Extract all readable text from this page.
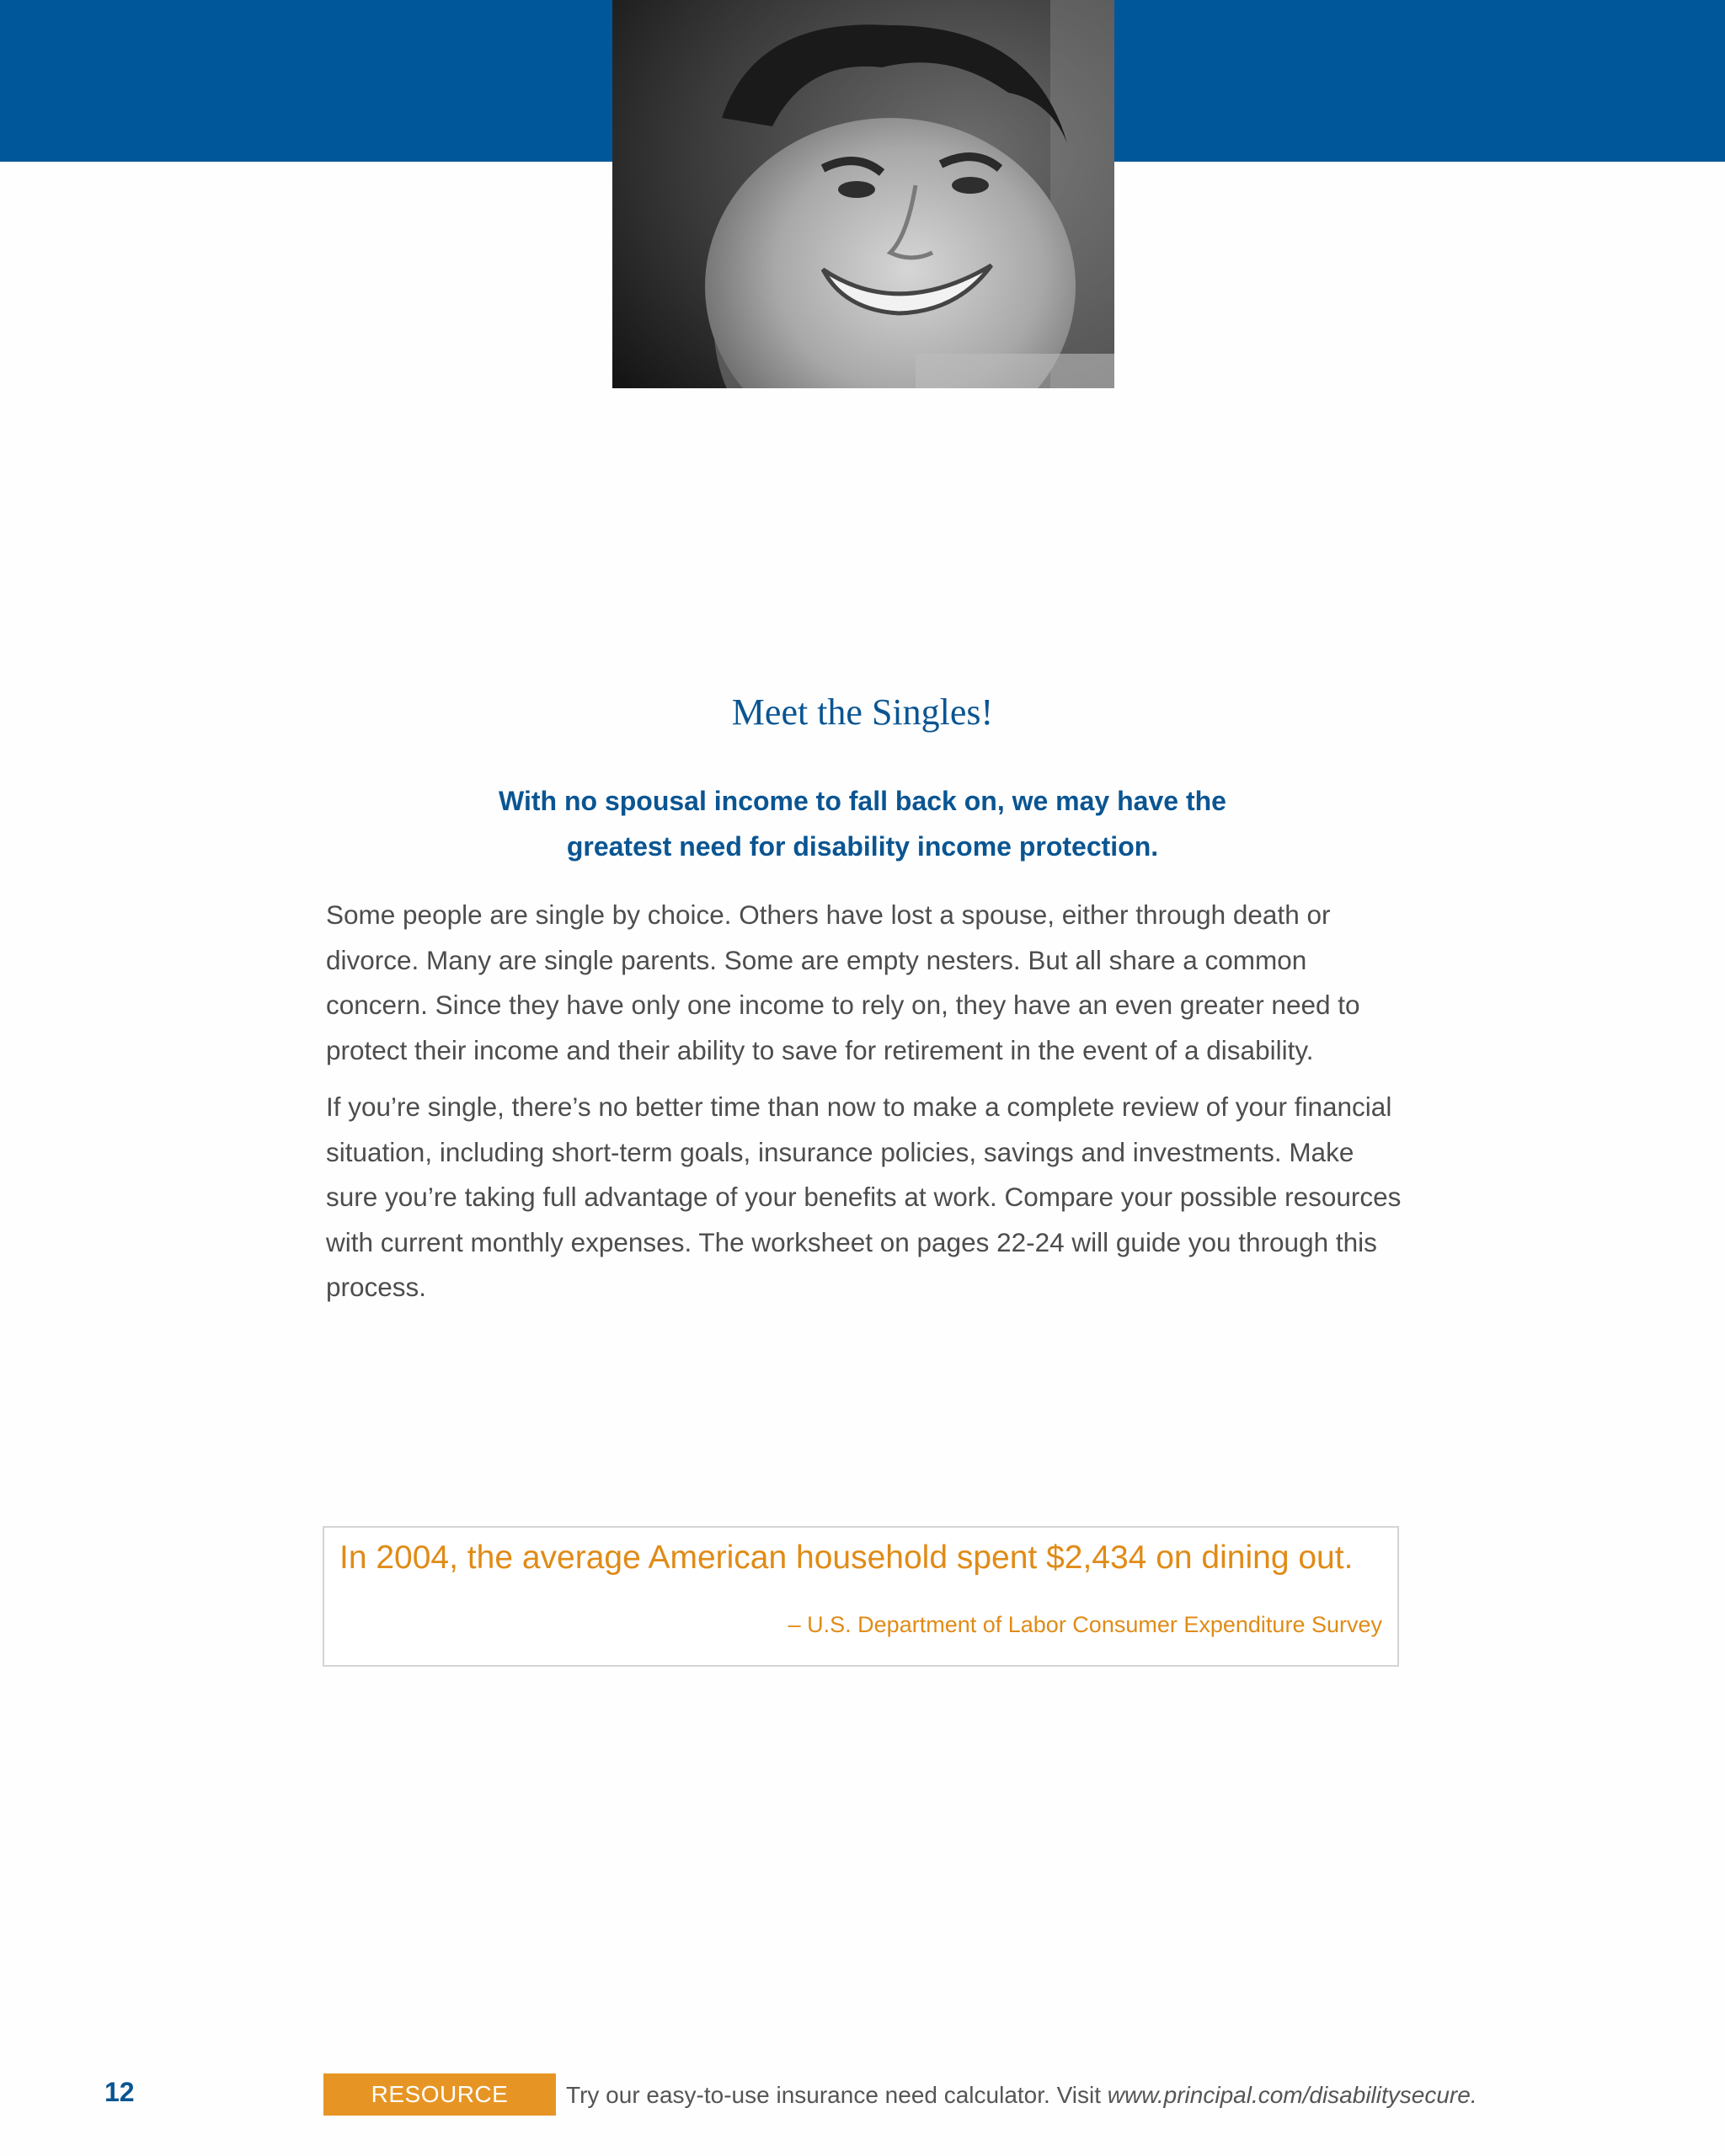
Meet the Singles!
With no spousal income to fall back on, we may have the
greatest need for disability income protection.

Some people are single by choice. Others have lost a spouse, either through death or divorce. Many are single parents. Some are empty nesters. But all share a common concern. Since they have only one income to rely on, they have an even greater need to protect their income and their ability to save for retirement in the event of a disability.

If you’re single, there’s no better time than now to make a complete review of your financial situation, including short-term goals, insurance policies, savings and investments. Make sure you’re taking full advantage of your benefits at work. Compare your possible resources with current monthly expenses. The worksheet on pages 22-24 will guide you through this process.

In 2004, the average American household spent $2,434 on dining out.
– U.S. Department of Labor Consumer Expenditure Survey
12	RESOURCE	Try our easy-to-use insurance need calculator. Visit www.principal.com/disabilitysecure.
